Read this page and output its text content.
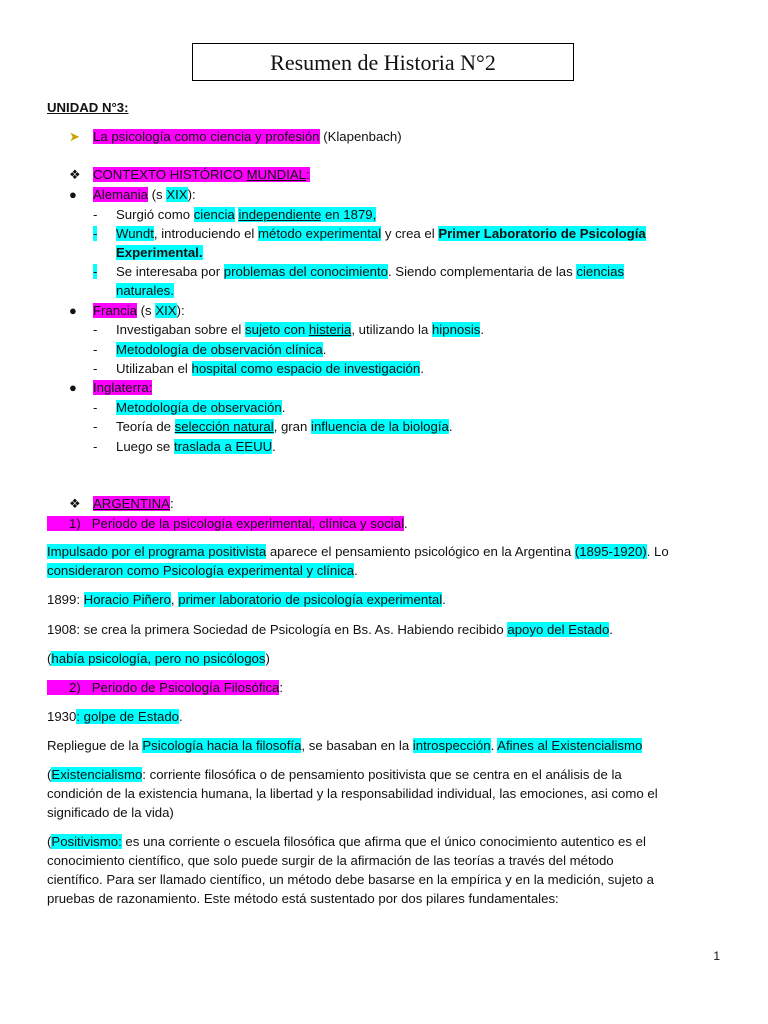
Resumen de Historia N°2
UNIDAD N°3:
➤ La psicología como ciencia y profesión (Klapenbach)
❖ CONTEXTO HISTÓRICO MUNDIAL:
● Alemania (s XIX):
- Surgió como ciencia independiente en 1879,
- Wundt, introduciendo el método experimental y crea el Primer Laboratorio de Psicología
Experimental.
- Se interesaba por problemas del conocimiento. Siendo complementaria de las ciencias
naturales.
● Francia (s XIX):
- Investigaban sobre el sujeto con histeria, utilizando la hipnosis.
- Metodología de observación clínica.
- Utilizaban el hospital como espacio de investigación.
● Inglaterra:
- Metodología de observación.
- Teoría de selección natural, gran influencia de la biología.
- Luego se traslada a EEUU.
❖ ARGENTINA:
1) Periodo de la psicología experimental, clínica y social.
Impulsado por el programa positivista aparece el pensamiento psicológico en la Argentina (1895-1920). Lo
consideraron como Psicología experimental y clínica.
1899: Horacio Piñero, primer laboratorio de psicología experimental.
1908: se crea la primera Sociedad de Psicología en Bs. As. Habiendo recibido apoyo del Estado.
(había psicología, pero no psicólogos)
2) Periodo de Psicología Filosófica:
1930: golpe de Estado.
Repliegue de la Psicología hacia la filosofía, se basaban en la introspección. Afines al Existencialismo
(Existencialismo: corriente filosófica o de pensamiento positivista que se centra en el análisis de la
condición de la existencia humana, la libertad y la responsabilidad individual, las emociones, asi como el
significado de la vida)
(Positivismo: es una corriente o escuela filosófica que afirma que el único conocimiento autentico es el
conocimiento científico, que solo puede surgir de la afirmación de las teorías a través del método
científico. Para ser llamado científico, un método debe basarse en la empírica y en la medición, sujeto a
pruebas de razonamiento. Este método está sustentado por dos pilares fundamentales:
1
